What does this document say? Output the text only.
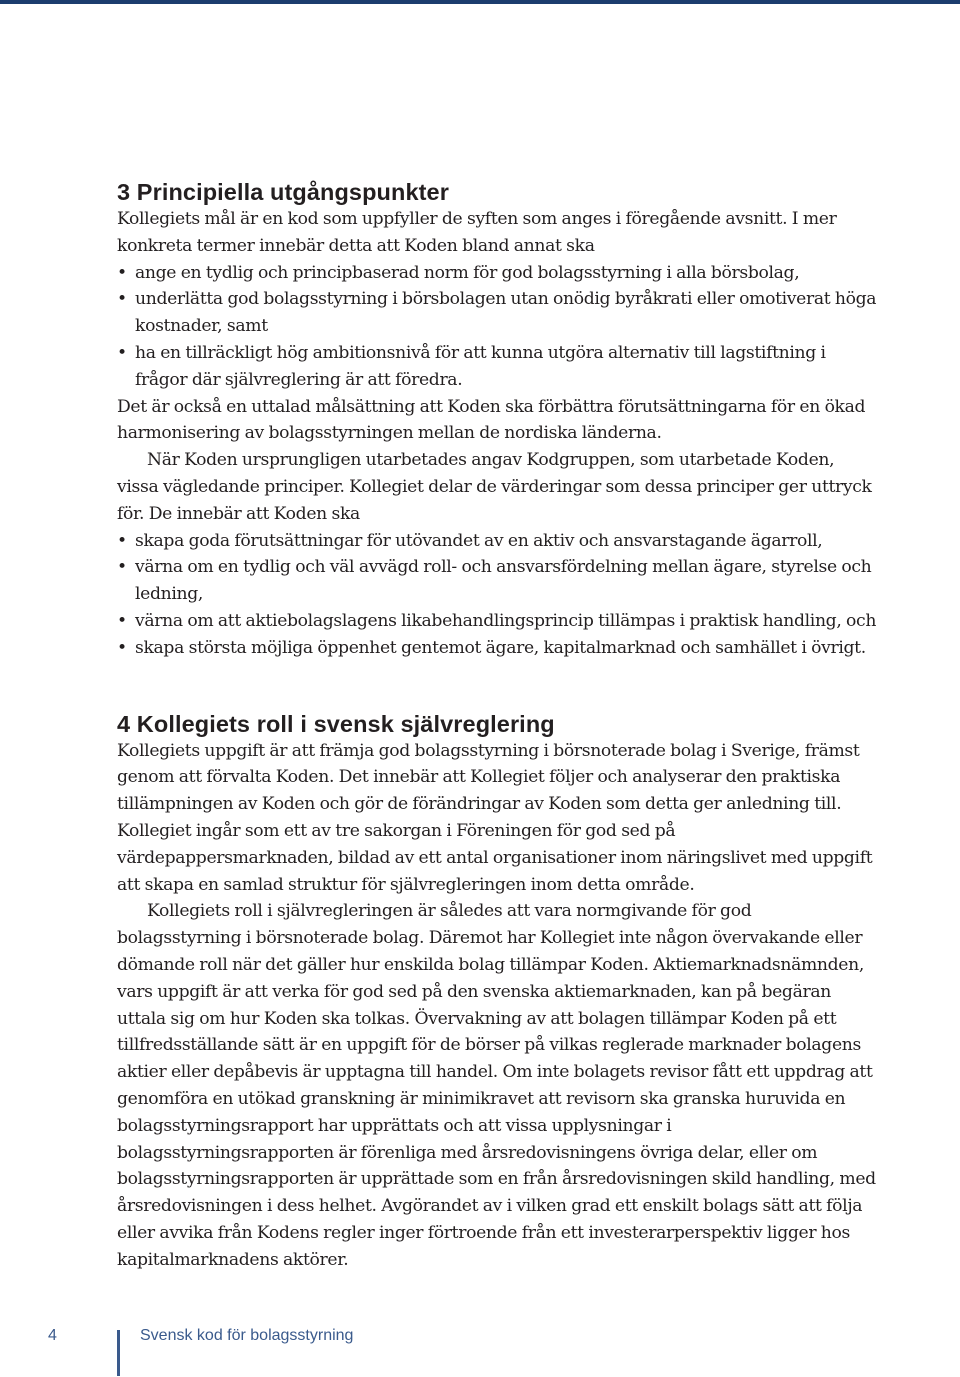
3 Principiella utgångspunkter

Kollegiets mål är en kod som uppfyller de syften som anges i föregående avsnitt. I mer konkreta termer innebär detta att Koden bland annat ska

• ange en tydlig och principbaserad norm för god bolagsstyrning i alla börsbolag,
• underlätta god bolagsstyrning i börsbolagen utan onödig byråkrati eller omotiverat höga kostnader, samt
• ha en tillräckligt hög ambitionsnivå för att kunna utgöra alternativ till lagstiftning i frågor där självreglering är att föredra.

Det är också en uttalad målsättning att Koden ska förbättra förutsättningarna för en ökad harmonisering av bolagsstyrningen mellan de nordiska länderna.

När Koden ursprungligen utarbetades angav Kodgruppen, som utarbetade Koden, vissa vägledande principer. Kollegiet delar de värderingar som dessa principer ger uttryck för. De innebär att Koden ska

• skapa goda förutsättningar för utövandet av en aktiv och ansvarstagande ägarroll,
• värna om en tydlig och väl avvägd roll- och ansvarsfördelning mellan ägare, styrelse och ledning,
• värna om att aktiebolagslagens likabehandlingsprincip tillämpas i praktisk handling, och
• skapa största möjliga öppenhet gentemot ägare, kapitalmarknad och samhället i övrigt.
4 Kollegiets roll i svensk självreglering

Kollegiets uppgift är att främja god bolagsstyrning i börsnoterade bolag i Sverige, främst genom att förvalta Koden. Det innebär att Kollegiet följer och analyserar den praktiska tillämpningen av Koden och gör de förändringar av Koden som detta ger anledning till. Kollegiet ingår som ett av tre sakorgan i Föreningen för god sed på värdepappersmarknaden, bildad av ett antal organisationer inom näringslivet med uppgift att skapa en samlad struktur för självregleringen inom detta område.

Kollegiets roll i självregleringen är således att vara normgivande för god bolagsstyrning i börsnoterade bolag. Däremot har Kollegiet inte någon övervakande eller dömande roll när det gäller hur enskilda bolag tillämpar Koden. Aktiemarknadsnämnden, vars uppgift är att verka för god sed på den svenska aktiemarknaden, kan på begäran uttala sig om hur Koden ska tolkas. Övervakning av att bolagen tillämpar Koden på ett tillfredsställande sätt är en uppgift för de börser på vilkas reglerade marknader bolagens aktier eller depåbevis är upptagna till handel. Om inte bolagets revisor fått ett uppdrag att genomföra en utökad granskning är minimikravet att revisorn ska granska huruvida en bolagsstyrningsrapport har upprättats och att vissa upplysningar i bolagsstyrningsrapporten är förenliga med årsredovisningens övriga delar, eller om bolagsstyrningsrapporten är upprättade som en från årsredovisningen skild handling, med årsredovisningen i dess helhet. Avgörandet av i vilken grad ett enskilt bolags sätt att följa eller avvika från Kodens regler inger förtroende från ett investerarperspektiv ligger hos kapitalmarknadens aktörer.

4	Svensk kod för bolagsstyrning
